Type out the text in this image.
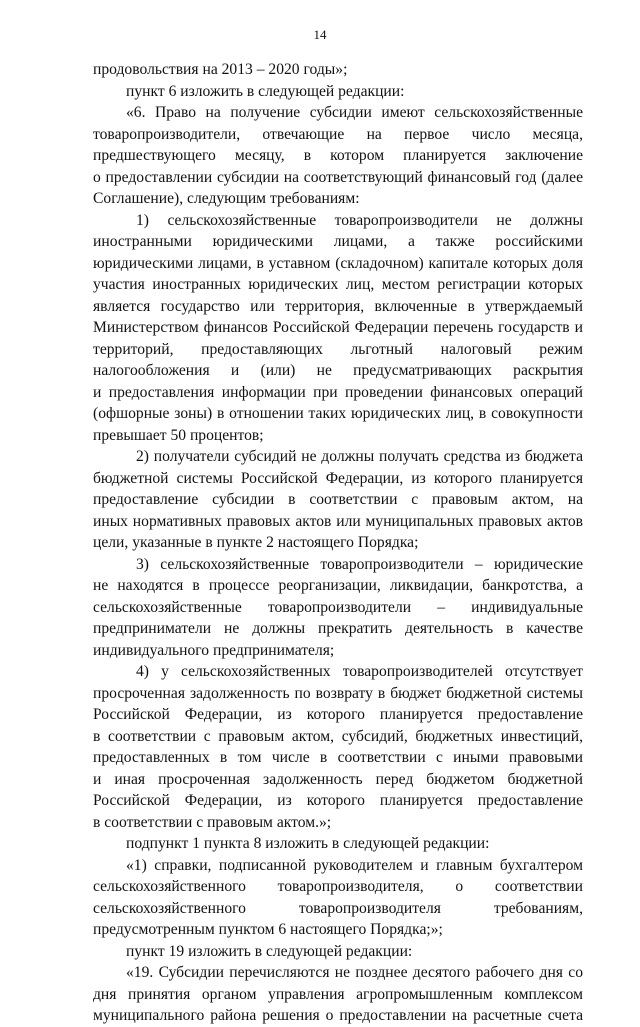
14
продовольствия на 2013 – 2020 годы»;
пункт 6 изложить в следующей редакции:
«6. Право на получение субсидии имеют сельскохозяйственные
товаропроизводители, отвечающие на первое число месяца,
предшествующего месяцу, в котором планируется заключение
о предоставлении субсидии на соответствующий финансовый год (далее
Соглашение), следующим требованиям:
1) сельскохозяйственные товаропроизводители не должны
иностранными юридическими лицами, а также российскими
юридическими лицами, в уставном (складочном) капитале которых доля
участия иностранных юридических лиц, местом регистрации которых
является государство или территория, включенные в утверждаемый
Министерством финансов Российской Федерации перечень государств и
территорий, предоставляющих льготный налоговый режим
налогообложения и (или) не предусматривающих раскрытия
и предоставления информации при проведении финансовых операций
(офшорные зоны) в отношении таких юридических лиц, в совокупности
превышает 50 процентов;
2) получатели субсидий не должны получать средства из бюджета
бюджетной системы Российской Федерации, из которого планируется
предоставление субсидии в соответствии с правовым актом, на
иных нормативных правовых актов или муниципальных правовых актов
цели, указанные в пункте 2 настоящего Порядка;
3) сельскохозяйственные товаропроизводители – юридические
не находятся в процессе реорганизации, ликвидации, банкротства, а
сельскохозяйственные товаропроизводители – индивидуальные
предприниматели не должны прекратить деятельность в качестве
индивидуального предпринимателя;
4) у сельскохозяйственных товаропроизводителей отсутствует
просроченная задолженность по возврату в бюджет бюджетной системы
Российской Федерации, из которого планируется предоставление
в соответствии с правовым актом, субсидий, бюджетных инвестиций,
предоставленных в том числе в соответствии с иными правовыми
и иная просроченная задолженность перед бюджетом бюджетной
Российской Федерации, из которого планируется предоставление
в соответствии с правовым актом.»;
подпункт 1 пункта 8 изложить в следующей редакции:
«1) справки, подписанной руководителем и главным бухгалтером
сельскохозяйственного товаропроизводителя, о соответствии
сельскохозяйственного товаропроизводителя требованиям,
предусмотренным пунктом 6 настоящего Порядка;»;
пункт 19 изложить в следующей редакции:
«19. Субсидии перечисляются не позднее десятого рабочего дня со
дня принятия органом управления агропромышленным комплексом
муниципального района решения о предоставлении на расчетные счета
